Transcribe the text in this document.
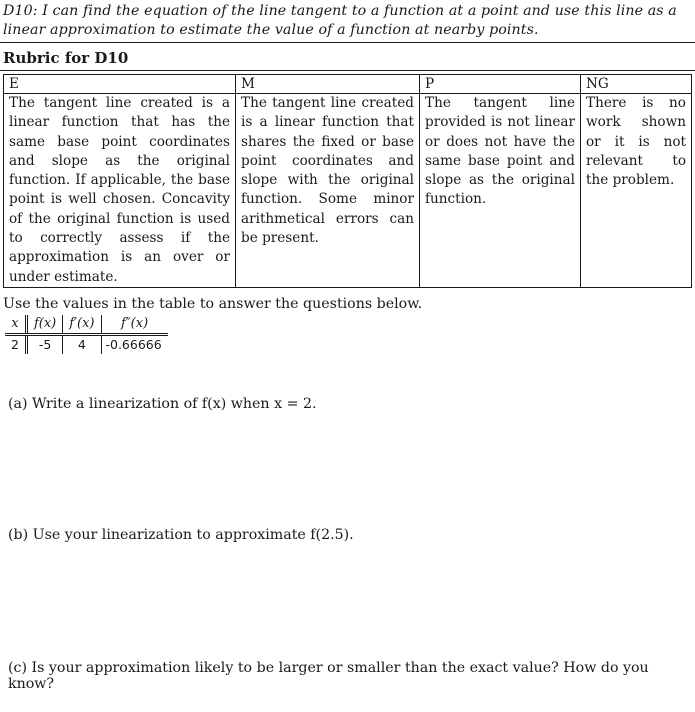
D10: I can find the equation of the line tangent to a function at a point and use this line as a linear approximation to estimate the value of a function at nearby points.
Rubric for D10
E	M	P	NG
The tangent line created is a linear function that has the same base point coordinates and slope as the original function. If applicable, the base point is well chosen. Concavity of the original function is used to correctly assess if the approximation is an over or under estimate.	The tangent line created is a linear function that shares the fixed or base point coordinates and slope with the original function. Some minor arithmetical errors can be present.	The tangent line provided is not linear or does not have the same base point and slope as the original function.	There is no work shown or it is not relevant to the problem.
Use the values in the table to answer the questions below.
x	f(x)	f′(x)	f″(x)
2	-5	4	-0.66666
(a) Write a linearization of f(x) when x = 2.
(b) Use your linearization to approximate f(2.5).
(c) Is your approximation likely to be larger or smaller than the exact value? How do you know?
